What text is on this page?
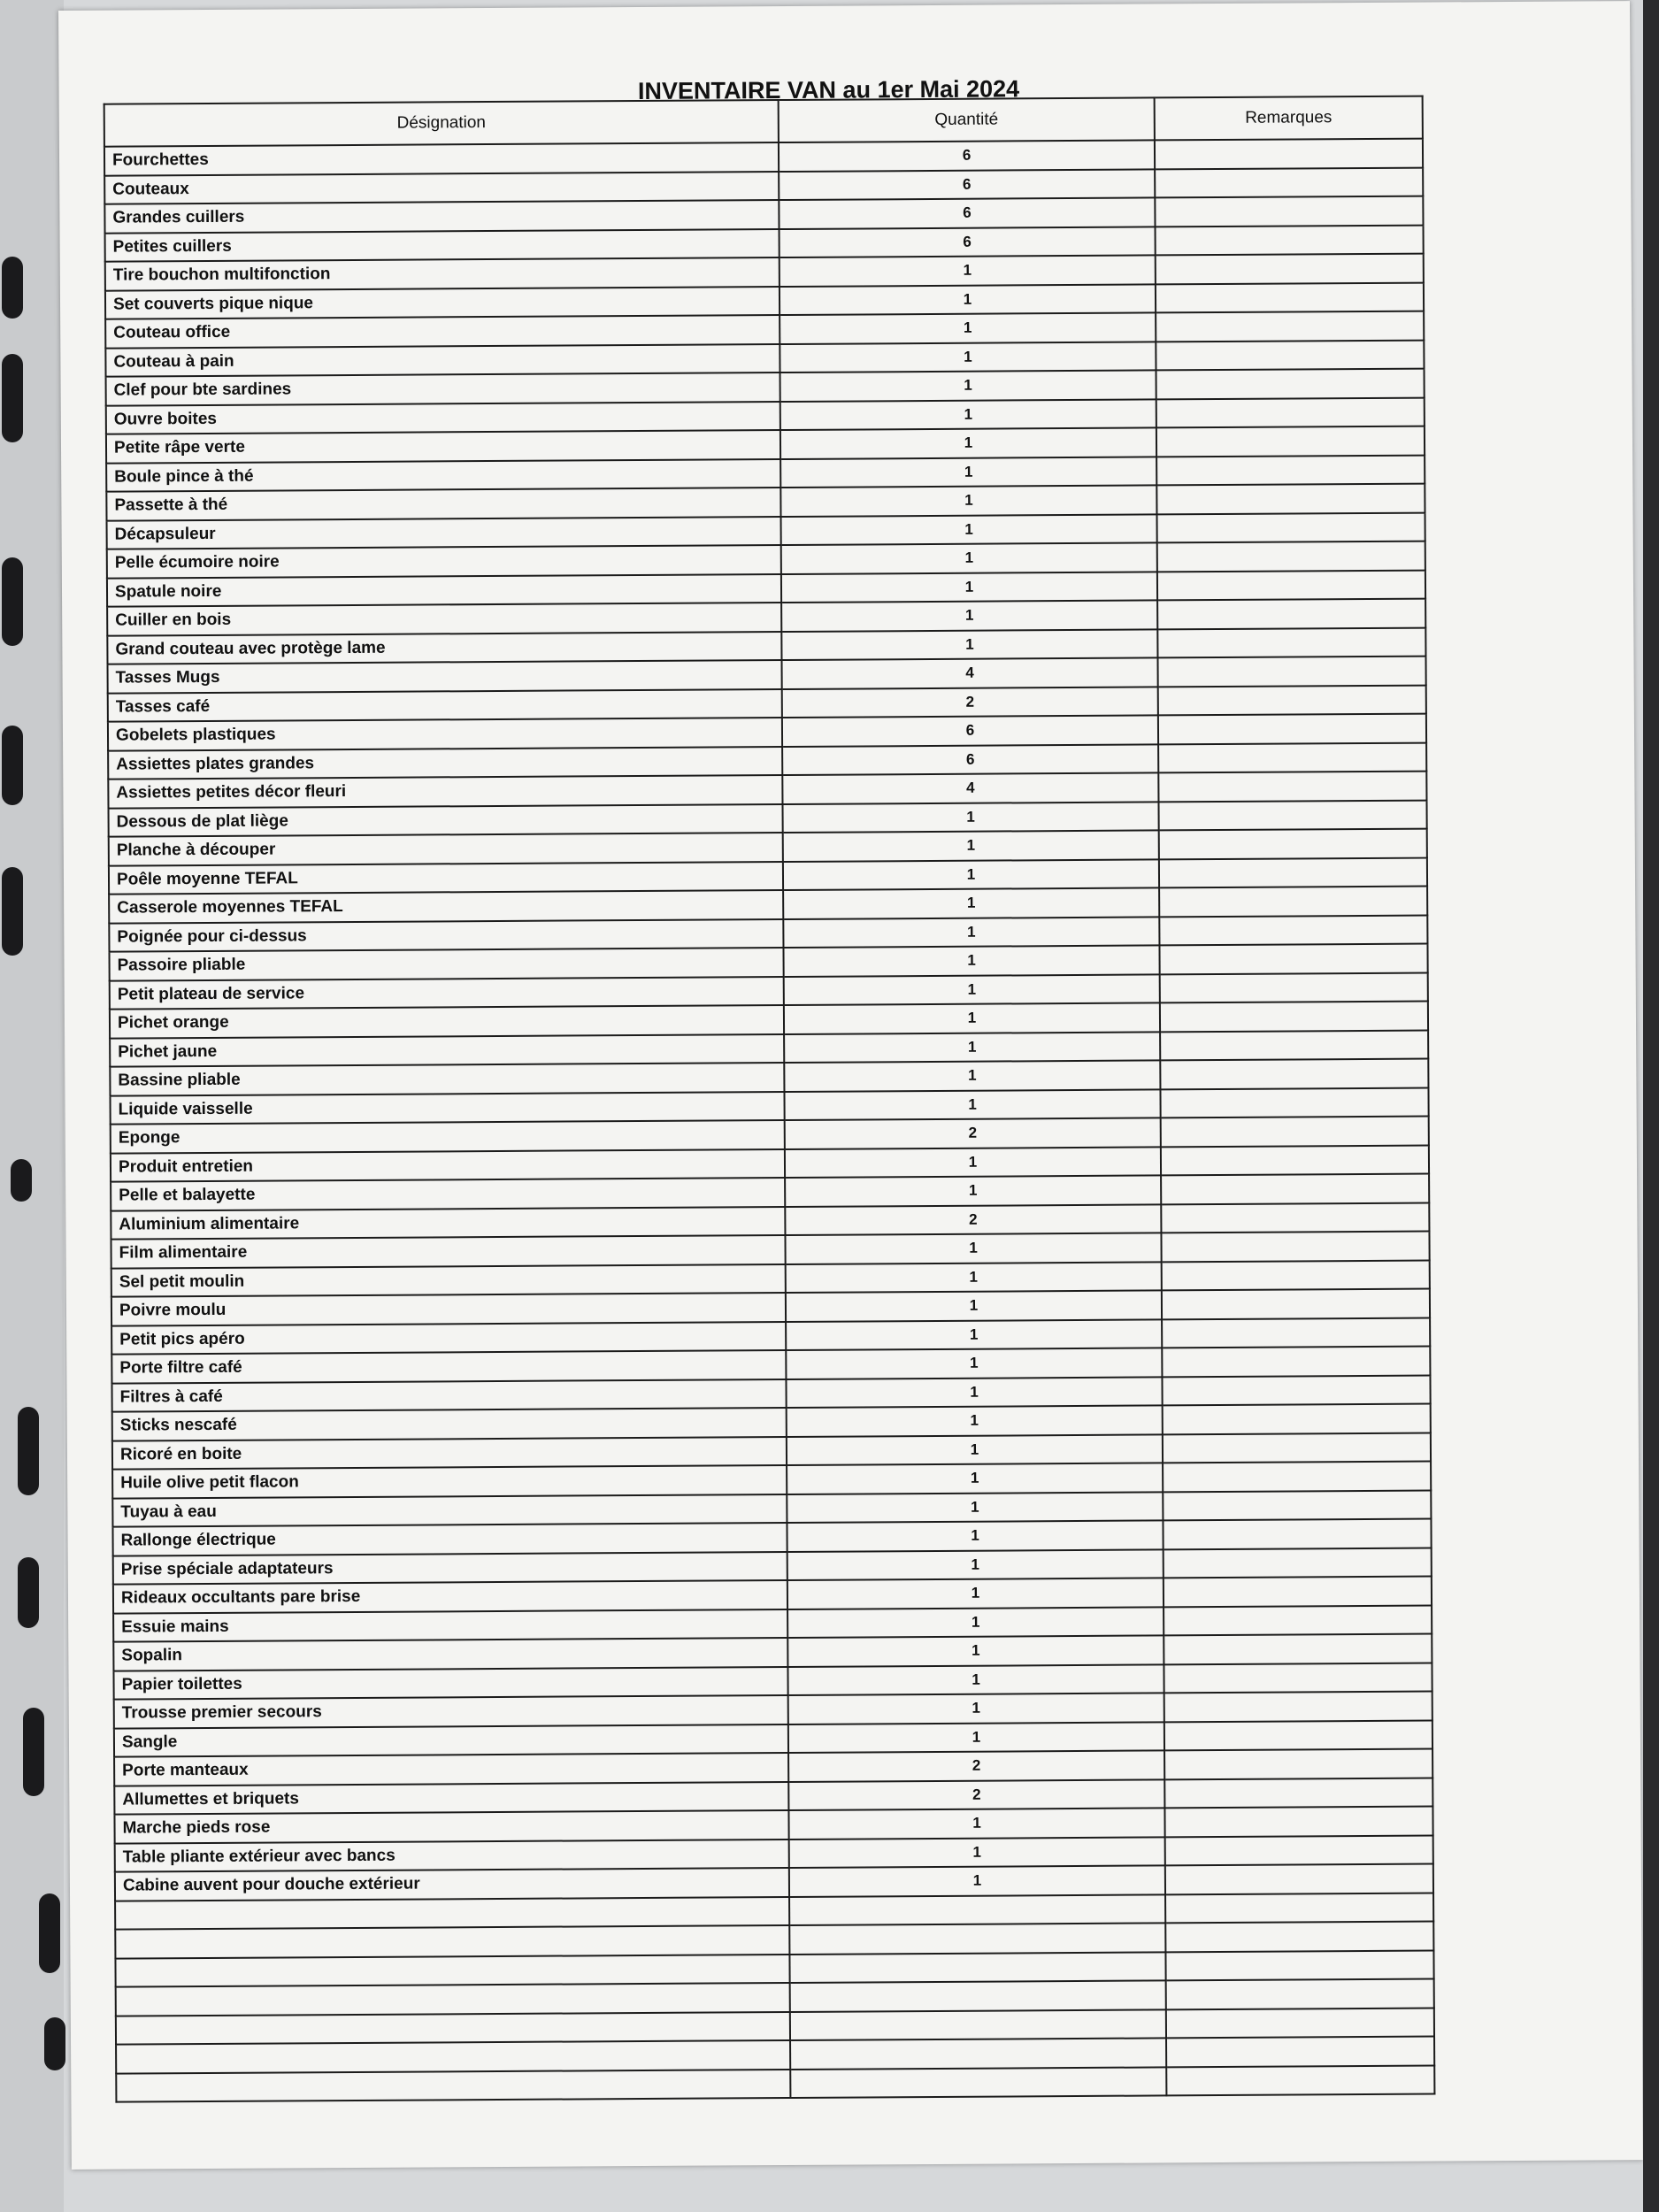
INVENTAIRE VAN au 1er Mai 2024
Désignation	Quantité	Remarques
Fourchettes	6	
Couteaux	6	
Grandes cuillers	6	
Petites cuillers	6	
Tire bouchon multifonction	1	
Set couverts pique nique	1	
Couteau office	1	
Couteau à pain	1	
Clef pour bte sardines	1	
Ouvre boites	1	
Petite râpe verte	1	
Boule pince à thé	1	
Passette à thé	1	
Décapsuleur	1	
Pelle écumoire noire	1	
Spatule noire	1	
Cuiller en bois	1	
Grand couteau avec protège lame	1	
Tasses Mugs	4	
Tasses café	2	
Gobelets plastiques	6	
Assiettes plates grandes	6	
Assiettes petites décor fleuri	4	
Dessous de plat liège	1	
Planche à découper	1	
Poêle moyenne TEFAL	1	
Casserole moyennes TEFAL	1	
Poignée pour ci-dessus	1	
Passoire pliable	1	
Petit plateau de service	1	
Pichet orange	1	
Pichet jaune	1	
Bassine pliable	1	
Liquide vaisselle	1	
Eponge	2	
Produit entretien	1	
Pelle et balayette	1	
Aluminium alimentaire	2	
Film alimentaire	1	
Sel petit moulin	1	
Poivre moulu	1	
Petit pics apéro	1	
Porte filtre café	1	
Filtres à café	1	
Sticks nescafé	1	
Ricoré en boite	1	
Huile olive petit flacon	1	
Tuyau à eau	1	
Rallonge électrique	1	
Prise spéciale adaptateurs	1	
Rideaux occultants pare brise	1	
Essuie mains	1	
Sopalin	1	
Papier toilettes	1	
Trousse premier secours	1	
Sangle	1	
Porte manteaux	2	
Allumettes et briquets	2	
Marche pieds rose	1	
Table pliante extérieur avec bancs	1	
Cabine auvent pour douche extérieur	1	
